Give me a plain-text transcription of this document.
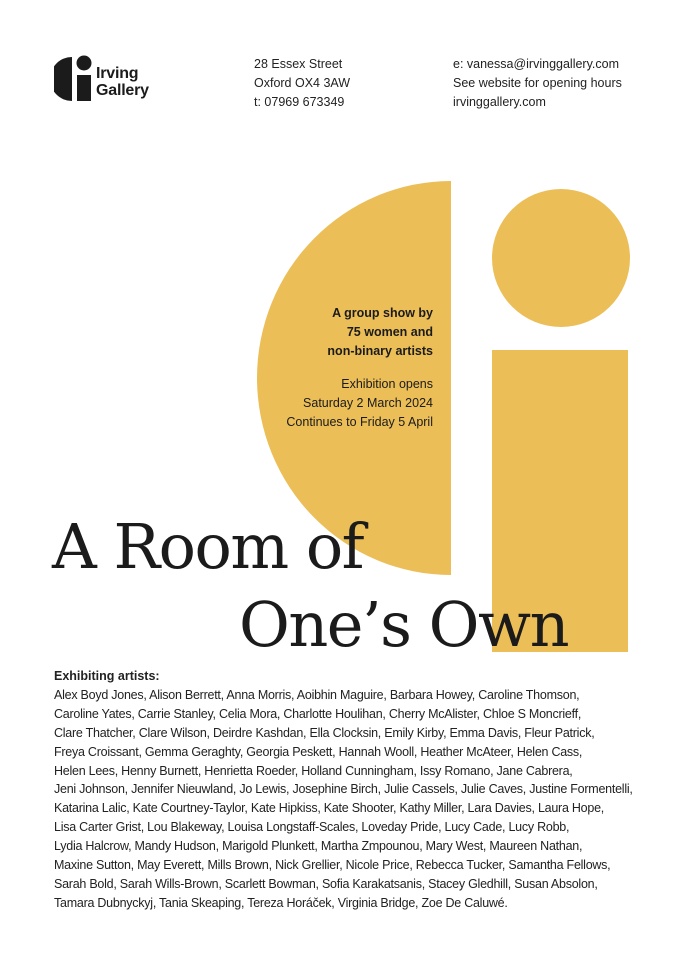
Irving
Gallery
28 Essex Street
Oxford OX4 3AW
t: 07969 673349
e: vanessa@irvinggallery.com
See website for opening hours
irvinggallery.com
A group show by
75 women and
non-binary artists
Exhibition opens
Saturday 2 March 2024
Continues to Friday 5 April
A Room of
One’s Own
Exhibiting artists:
Alex Boyd Jones, Alison Berrett, Anna Morris, Aoibhin Maguire, Barbara Howey, Caroline Thomson,
Caroline Yates, Carrie Stanley, Celia Mora, Charlotte Houlihan, Cherry McAlister, Chloe S Moncrieff,
Clare Thatcher, Clare Wilson, Deirdre Kashdan, Ella Clocksin, Emily Kirby, Emma Davis, Fleur Patrick,
Freya Croissant, Gemma Geraghty, Georgia Peskett, Hannah Wooll, Heather McAteer, Helen Cass,
Helen Lees, Henny Burnett, Henrietta Roeder, Holland Cunningham, Issy Romano, Jane Cabrera,
Jeni Johnson, Jennifer Nieuwland, Jo Lewis, Josephine Birch, Julie Cassels, Julie Caves, Justine Formentelli,
Katarina Lalic, Kate Courtney-Taylor, Kate Hipkiss, Kate Shooter, Kathy Miller, Lara Davies, Laura Hope,
Lisa Carter Grist, Lou Blakeway, Louisa Longstaff-Scales, Loveday Pride, Lucy Cade, Lucy Robb,
Lydia Halcrow, Mandy Hudson, Marigold Plunkett, Martha Zmpounou, Mary West, Maureen Nathan,
Maxine Sutton, May Everett, Mills Brown, Nick Grellier, Nicole Price, Rebecca Tucker, Samantha Fellows,
Sarah Bold, Sarah Wills-Brown, Scarlett Bowman, Sofia Karakatsanis, Stacey Gledhill, Susan Absolon,
Tamara Dubnyckyj, Tania Skeaping, Tereza Horáček, Virginia Bridge, Zoe De Caluwé.
